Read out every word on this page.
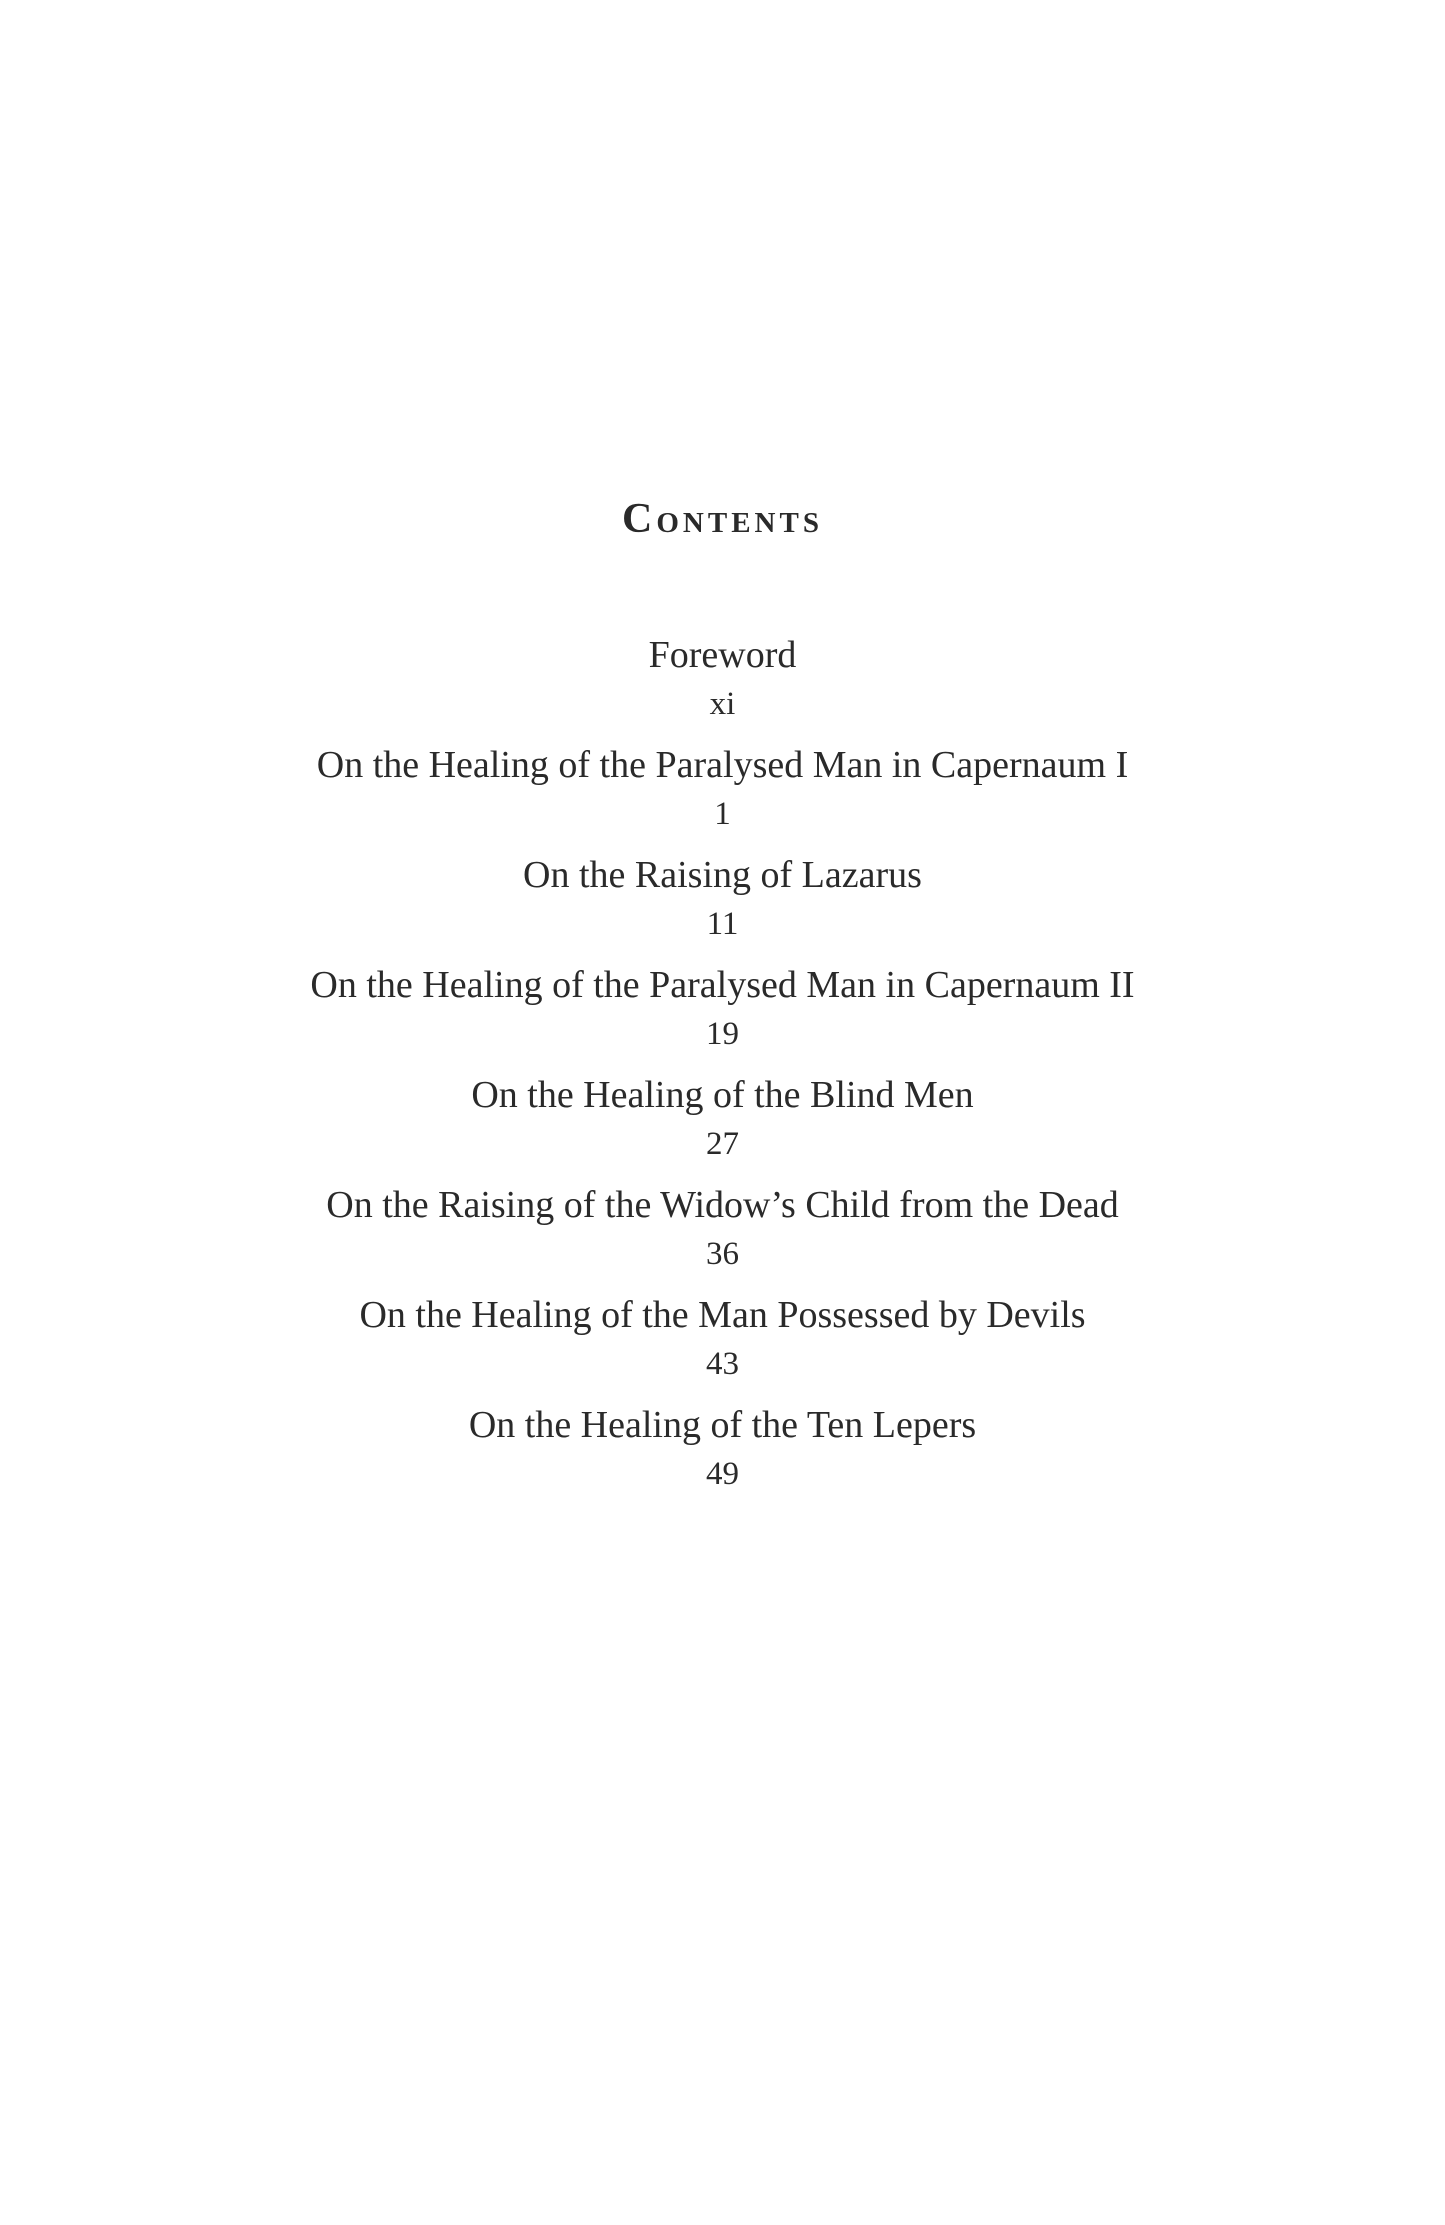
Contents
Foreword
xi
On the Healing of the Paralysed Man in Capernaum I
1
On the Raising of Lazarus
11
On the Healing of the Paralysed Man in Capernaum II
19
On the Healing of the Blind Men
27
On the Raising of the Widow’s Child from the Dead
36
On the Healing of the Man Possessed by Devils
43
On the Healing of the Ten Lepers
49
